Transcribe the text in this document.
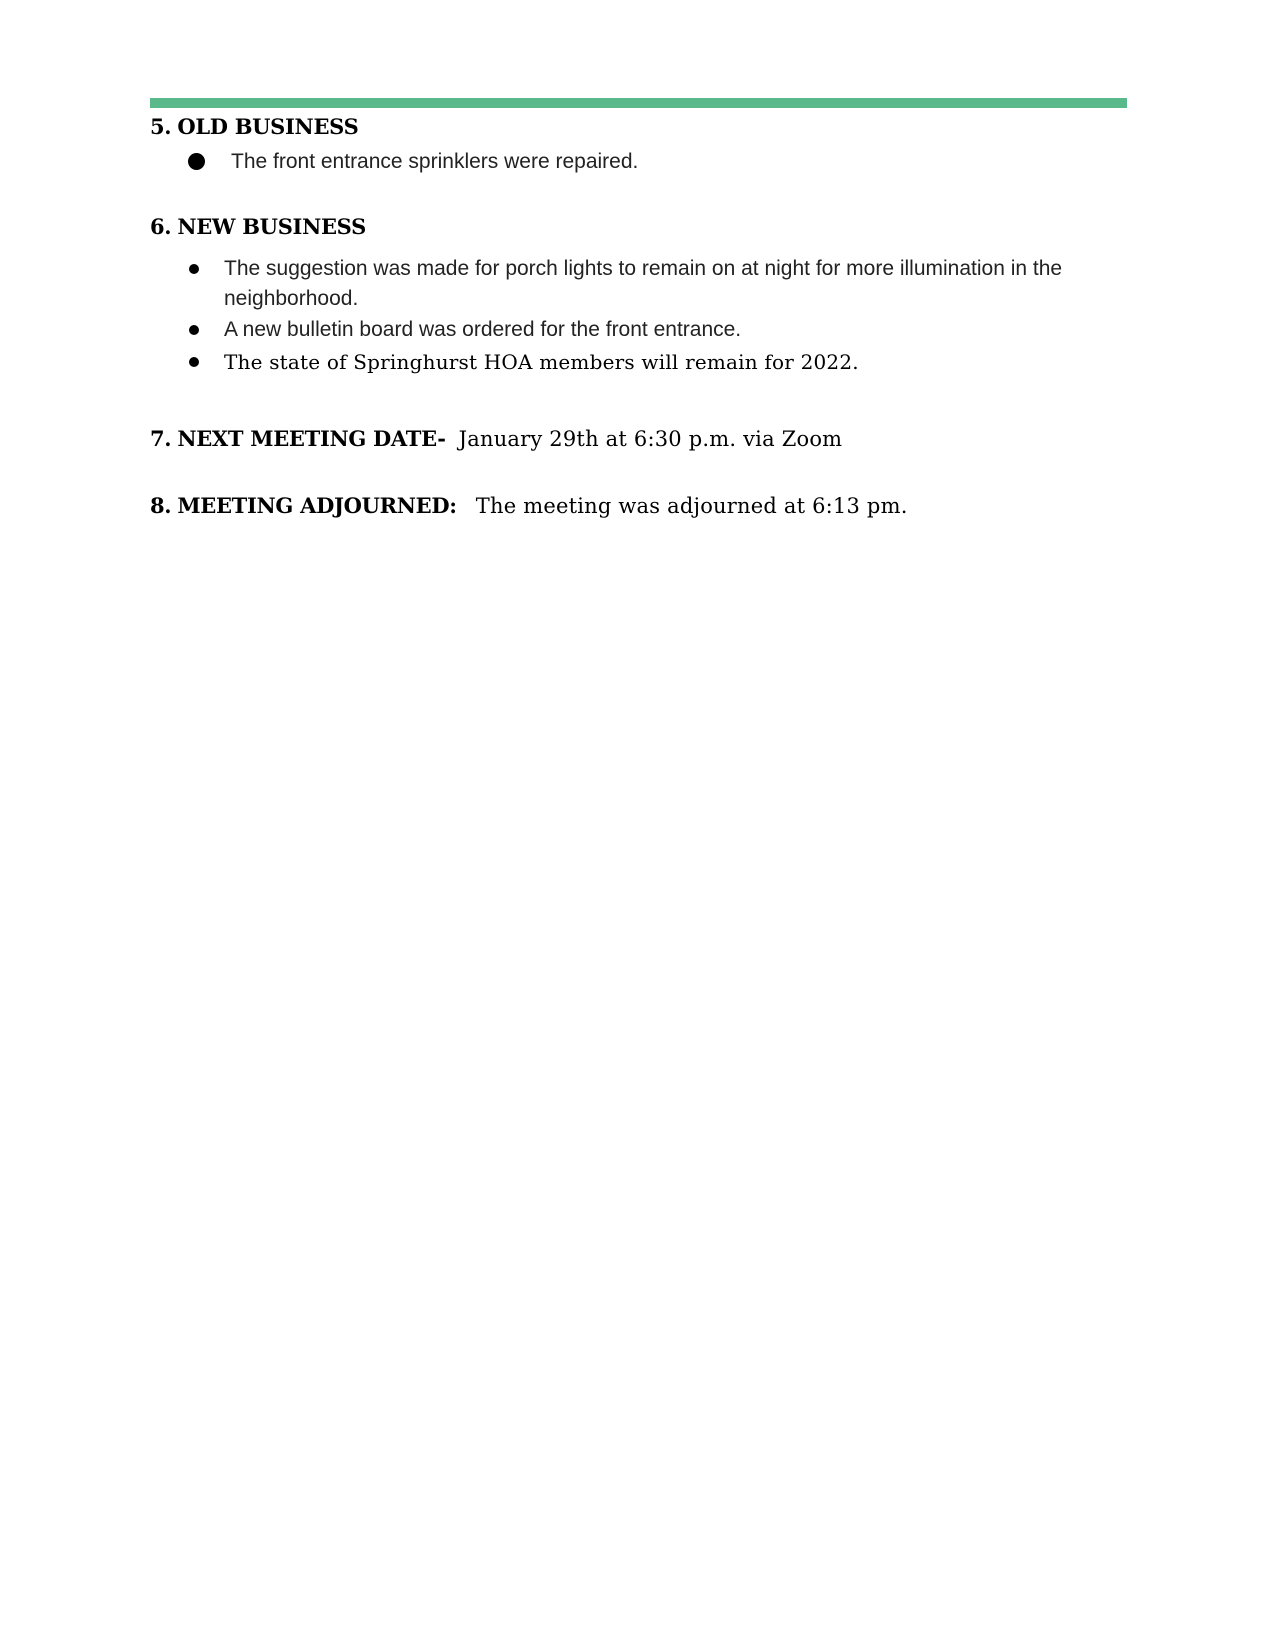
5. OLD BUSINESS
The front entrance sprinklers were repaired.
6. NEW BUSINESS
The suggestion was made for porch lights to remain on at night for more illumination in the neighborhood.
A new bulletin board was ordered for the front entrance.
The state of Springhurst HOA members will remain for 2022.
7. NEXT MEETING DATE- January 29th at 6:30 p.m. via Zoom
8. MEETING ADJOURNED: The meeting was adjourned at 6:13 pm.
